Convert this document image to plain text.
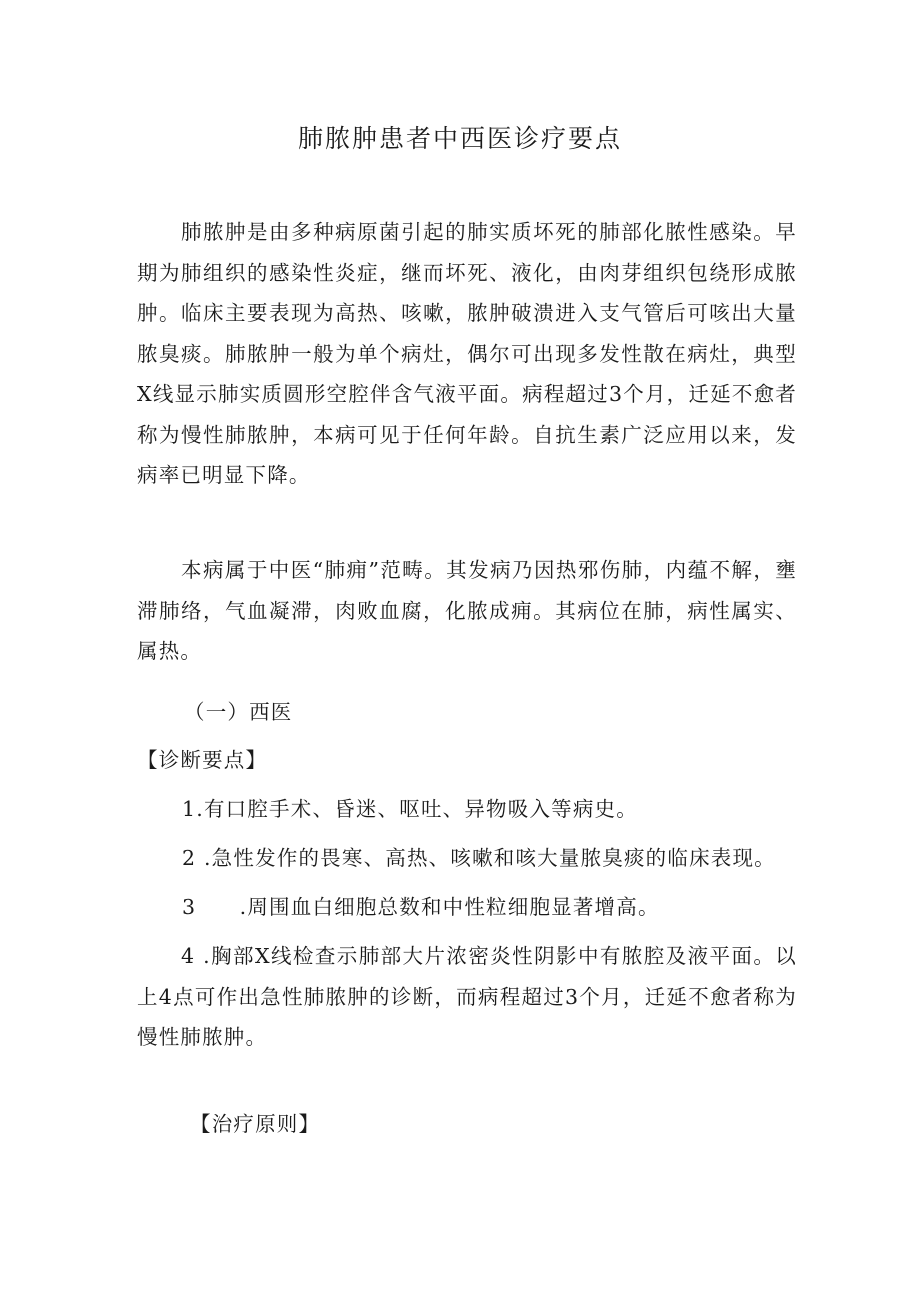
肺脓肿患者中西医诊疗要点

肺脓肿是由多种病原菌引起的肺实质坏死的肺部化脓性感染。早期为肺组织的感染性炎症，继而坏死、液化，由肉芽组织包绕形成脓肿。临床主要表现为高热、咳嗽，脓肿破溃进入支气管后可咳出大量脓臭痰。肺脓肿一般为单个病灶，偶尔可出现多发性散在病灶，典型X线显示肺实质圆形空腔伴含气液平面。病程超过3个月，迁延不愈者称为慢性肺脓肿，本病可见于任何年龄。自抗生素广泛应用以来，发病率已明显下降。

本病属于中医“肺痈”范畴。其发病乃因热邪伤肺，内蕴不解，壅滞肺络，气血凝滞，肉败血腐，化脓成痈。其病位在肺，病性属实、属热。

（一）西医
【诊断要点】
1.有口腔手术、昏迷、呕吐、异物吸入等病史。
2 .急性发作的畏寒、高热、咳嗽和咳大量脓臭痰的临床表现。
3　　.周围血白细胞总数和中性粒细胞显著增高。

4 .胸部X线检查示肺部大片浓密炎性阴影中有脓腔及液平面。以上4点可作出急性肺脓肿的诊断，而病程超过3个月，迁延不愈者称为慢性肺脓肿。

【治疗原则】
